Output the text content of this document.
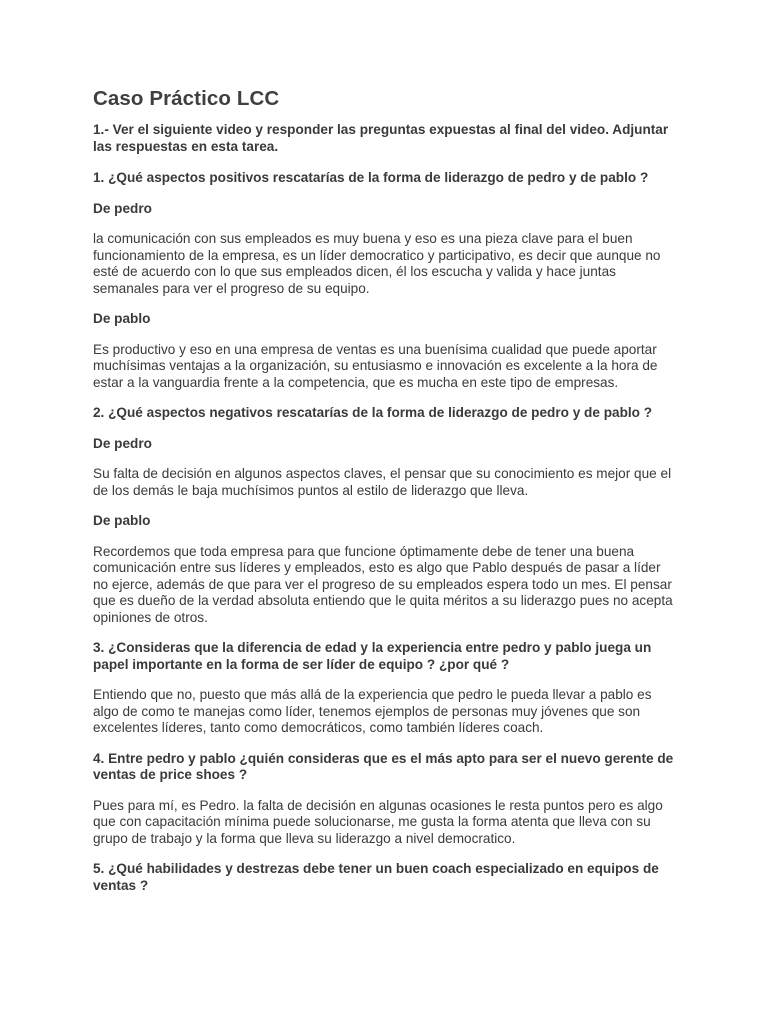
Caso Práctico LCC
1.- Ver el siguiente video y responder las preguntas expuestas al final del video. Adjuntar las respuestas en esta tarea.
1. ¿Qué aspectos positivos rescatarías de la forma de liderazgo de pedro y de pablo ?
De pedro
la comunicación con sus empleados es muy buena y eso es una pieza clave para el buen funcionamiento de la empresa, es un líder democratico y participativo, es decir que aunque no esté de acuerdo con lo que sus empleados dicen, él los escucha y valida y hace juntas semanales para ver el progreso de su equipo.
De pablo
Es productivo y eso en una empresa de ventas es una buenísima cualidad que puede aportar muchísimas ventajas a la organización, su entusiasmo e innovación es excelente a la hora de estar a la vanguardia frente a la competencia, que es mucha en este tipo de empresas.
2. ¿Qué aspectos negativos rescatarías de la forma de liderazgo de pedro y de pablo ?
De pedro
Su falta de decisión en algunos aspectos claves, el pensar que su conocimiento es mejor que el de los demás le baja muchísimos puntos al estilo de liderazgo que lleva.
De pablo
Recordemos que toda empresa para que funcione óptimamente debe de tener una buena comunicación entre sus líderes y empleados, esto es algo que Pablo después de pasar a líder no ejerce, además de que para ver el progreso de su empleados espera todo un mes. El pensar que es dueño de la verdad absoluta entiendo que le quita méritos a su liderazgo pues no acepta opiniones de otros.
3. ¿Consideras que la diferencia de edad y la experiencia entre pedro y pablo juega un papel importante en la forma de ser líder de equipo ? ¿por qué ?
Entiendo que no, puesto que más allá de la experiencia que pedro le pueda llevar a pablo es algo de como te manejas como líder, tenemos ejemplos de personas muy jóvenes que son excelentes líderes, tanto como democráticos, como también líderes coach.
4. Entre pedro y pablo ¿quién consideras que es el más apto para ser el nuevo gerente de ventas de price shoes ?
Pues para mí, es Pedro. la falta de decisión en algunas ocasiones le resta puntos pero es algo que con capacitación mínima puede solucionarse, me gusta la forma atenta que lleva con su grupo de trabajo y la forma que lleva su liderazgo a nivel democratico.
5. ¿Qué habilidades y destrezas debe tener un buen coach especializado en equipos de ventas ?
